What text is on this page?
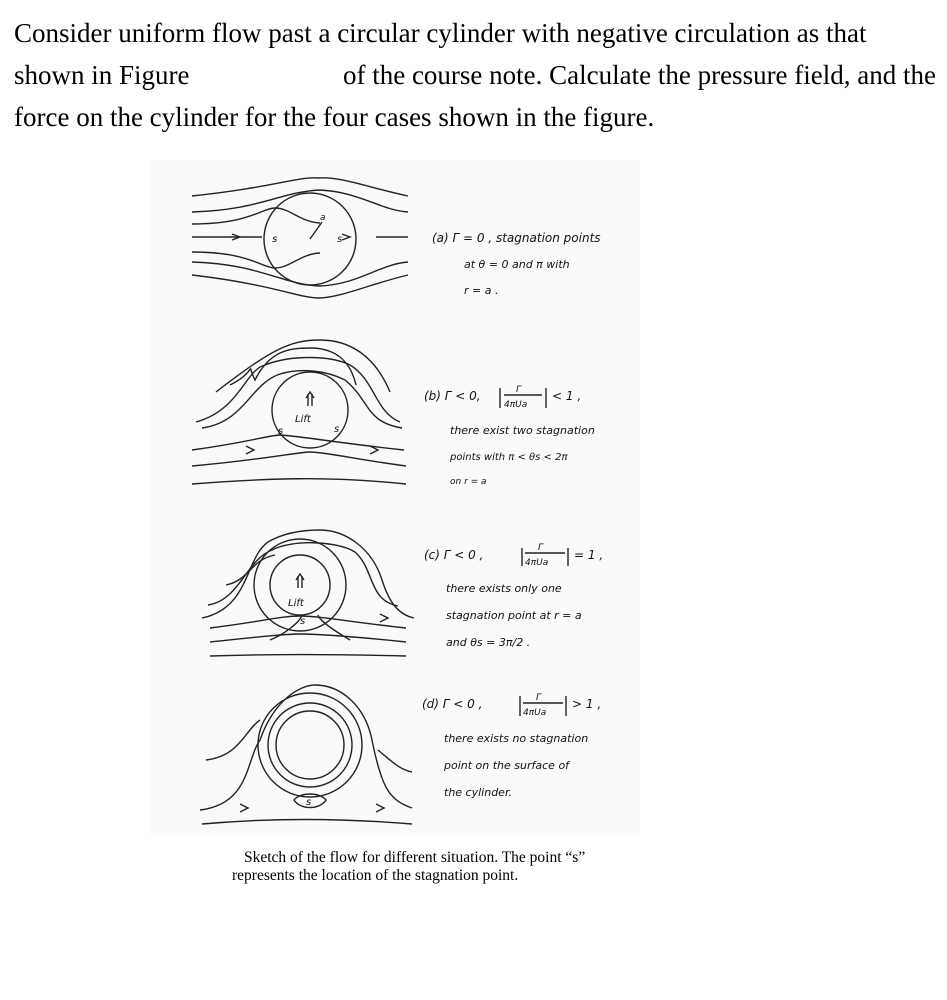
Consider uniform flow past a circular cylinder with negative circulation as that
shown in Figure	of the course note. Calculate the pressure field, and the
force on the cylinder for the four cases shown in the figure.
s	s
a
(a) Γ = 0 , stagnation points
at θ = 0 and π with
r = a .
Lift
s	s
(b) Γ < 0,	Γ
4πUa
< 1 ,
there exist two stagnation
points with π < θs < 2π
on r = a
Lift
s
(c) Γ < 0 ,	Γ
4πUa
= 1 ,
there exists only one
stagnation point at r = a
and θs = 3π/2 .
s
(d) Γ < 0 ,	Γ
4πUa
> 1 ,
there exists no stagnation
point on the surface of
the cylinder.
Sketch of the flow for different situation. The point “s”
represents the location of the stagnation point.
